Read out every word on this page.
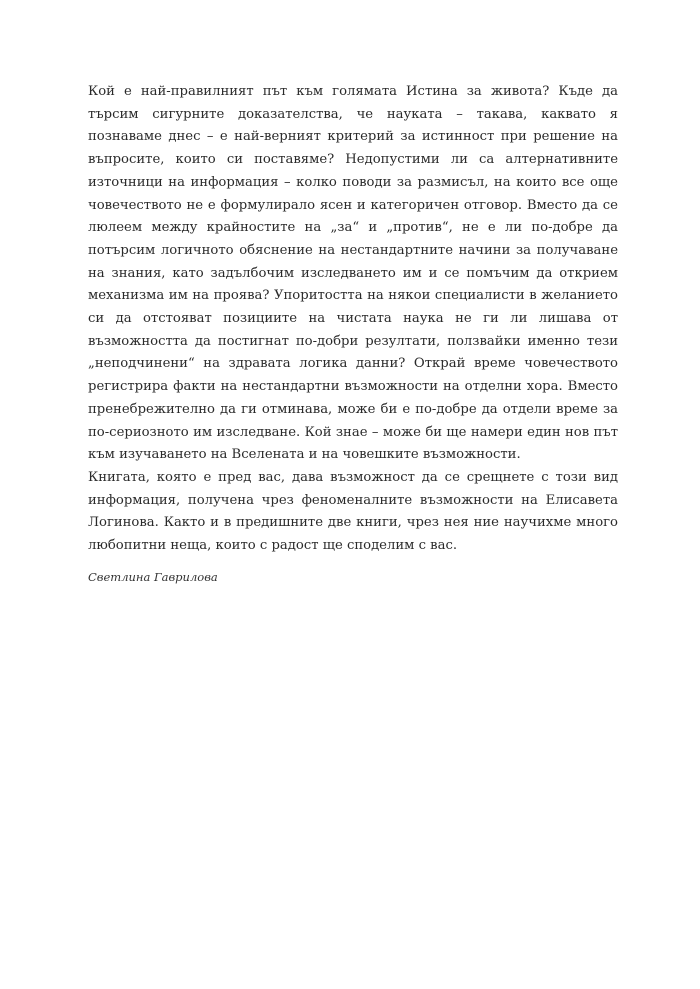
Кой е най-правилният път към голямата Истина за живота? Къде да търсим сигурните доказателства, че науката – такава, каквато я познаваме днес – е най-верният критерий за истинност при решение на въпросите, които си поставяме? Недопустими ли са алтернативните източници на информация – колко поводи за размисъл, на които все още човечеството не е формулирало ясен и категоричен отговор. Вместо да се люлеем между крайностите на „за“ и „против“, не е ли по-добре да потърсим логичното обяснение на нестандартните начини за получаване на знания, като задълбочим изследването им и се помъчим да открием механизма им на проява? Упоритостта на някои специалисти в желанието си да отстояват позициите на чистата наука не ги ли лишава от възможността да постигнат по-добри резултати, ползвайки именно тези „неподчинени“ на здравата логика данни? Открай време човечеството регистрира факти на нестандартни възможности на отделни хора. Вместо пренебрежително да ги отминава, може би е по-добре да отдели време за по-сериозното им изследване. Кой знае – може би ще намери един нов път към изучаването на Вселената и на човешките възможности.

Книгата, която е пред вас, дава възможност да се срещнете с този вид информация, получена чрез феноменалните възможности на Елисавета Логинова. Както и в предишните две книги, чрез нея ние научихме много любопитни неща, които с радост ще споделим с вас.

Светлина Гаврилова
